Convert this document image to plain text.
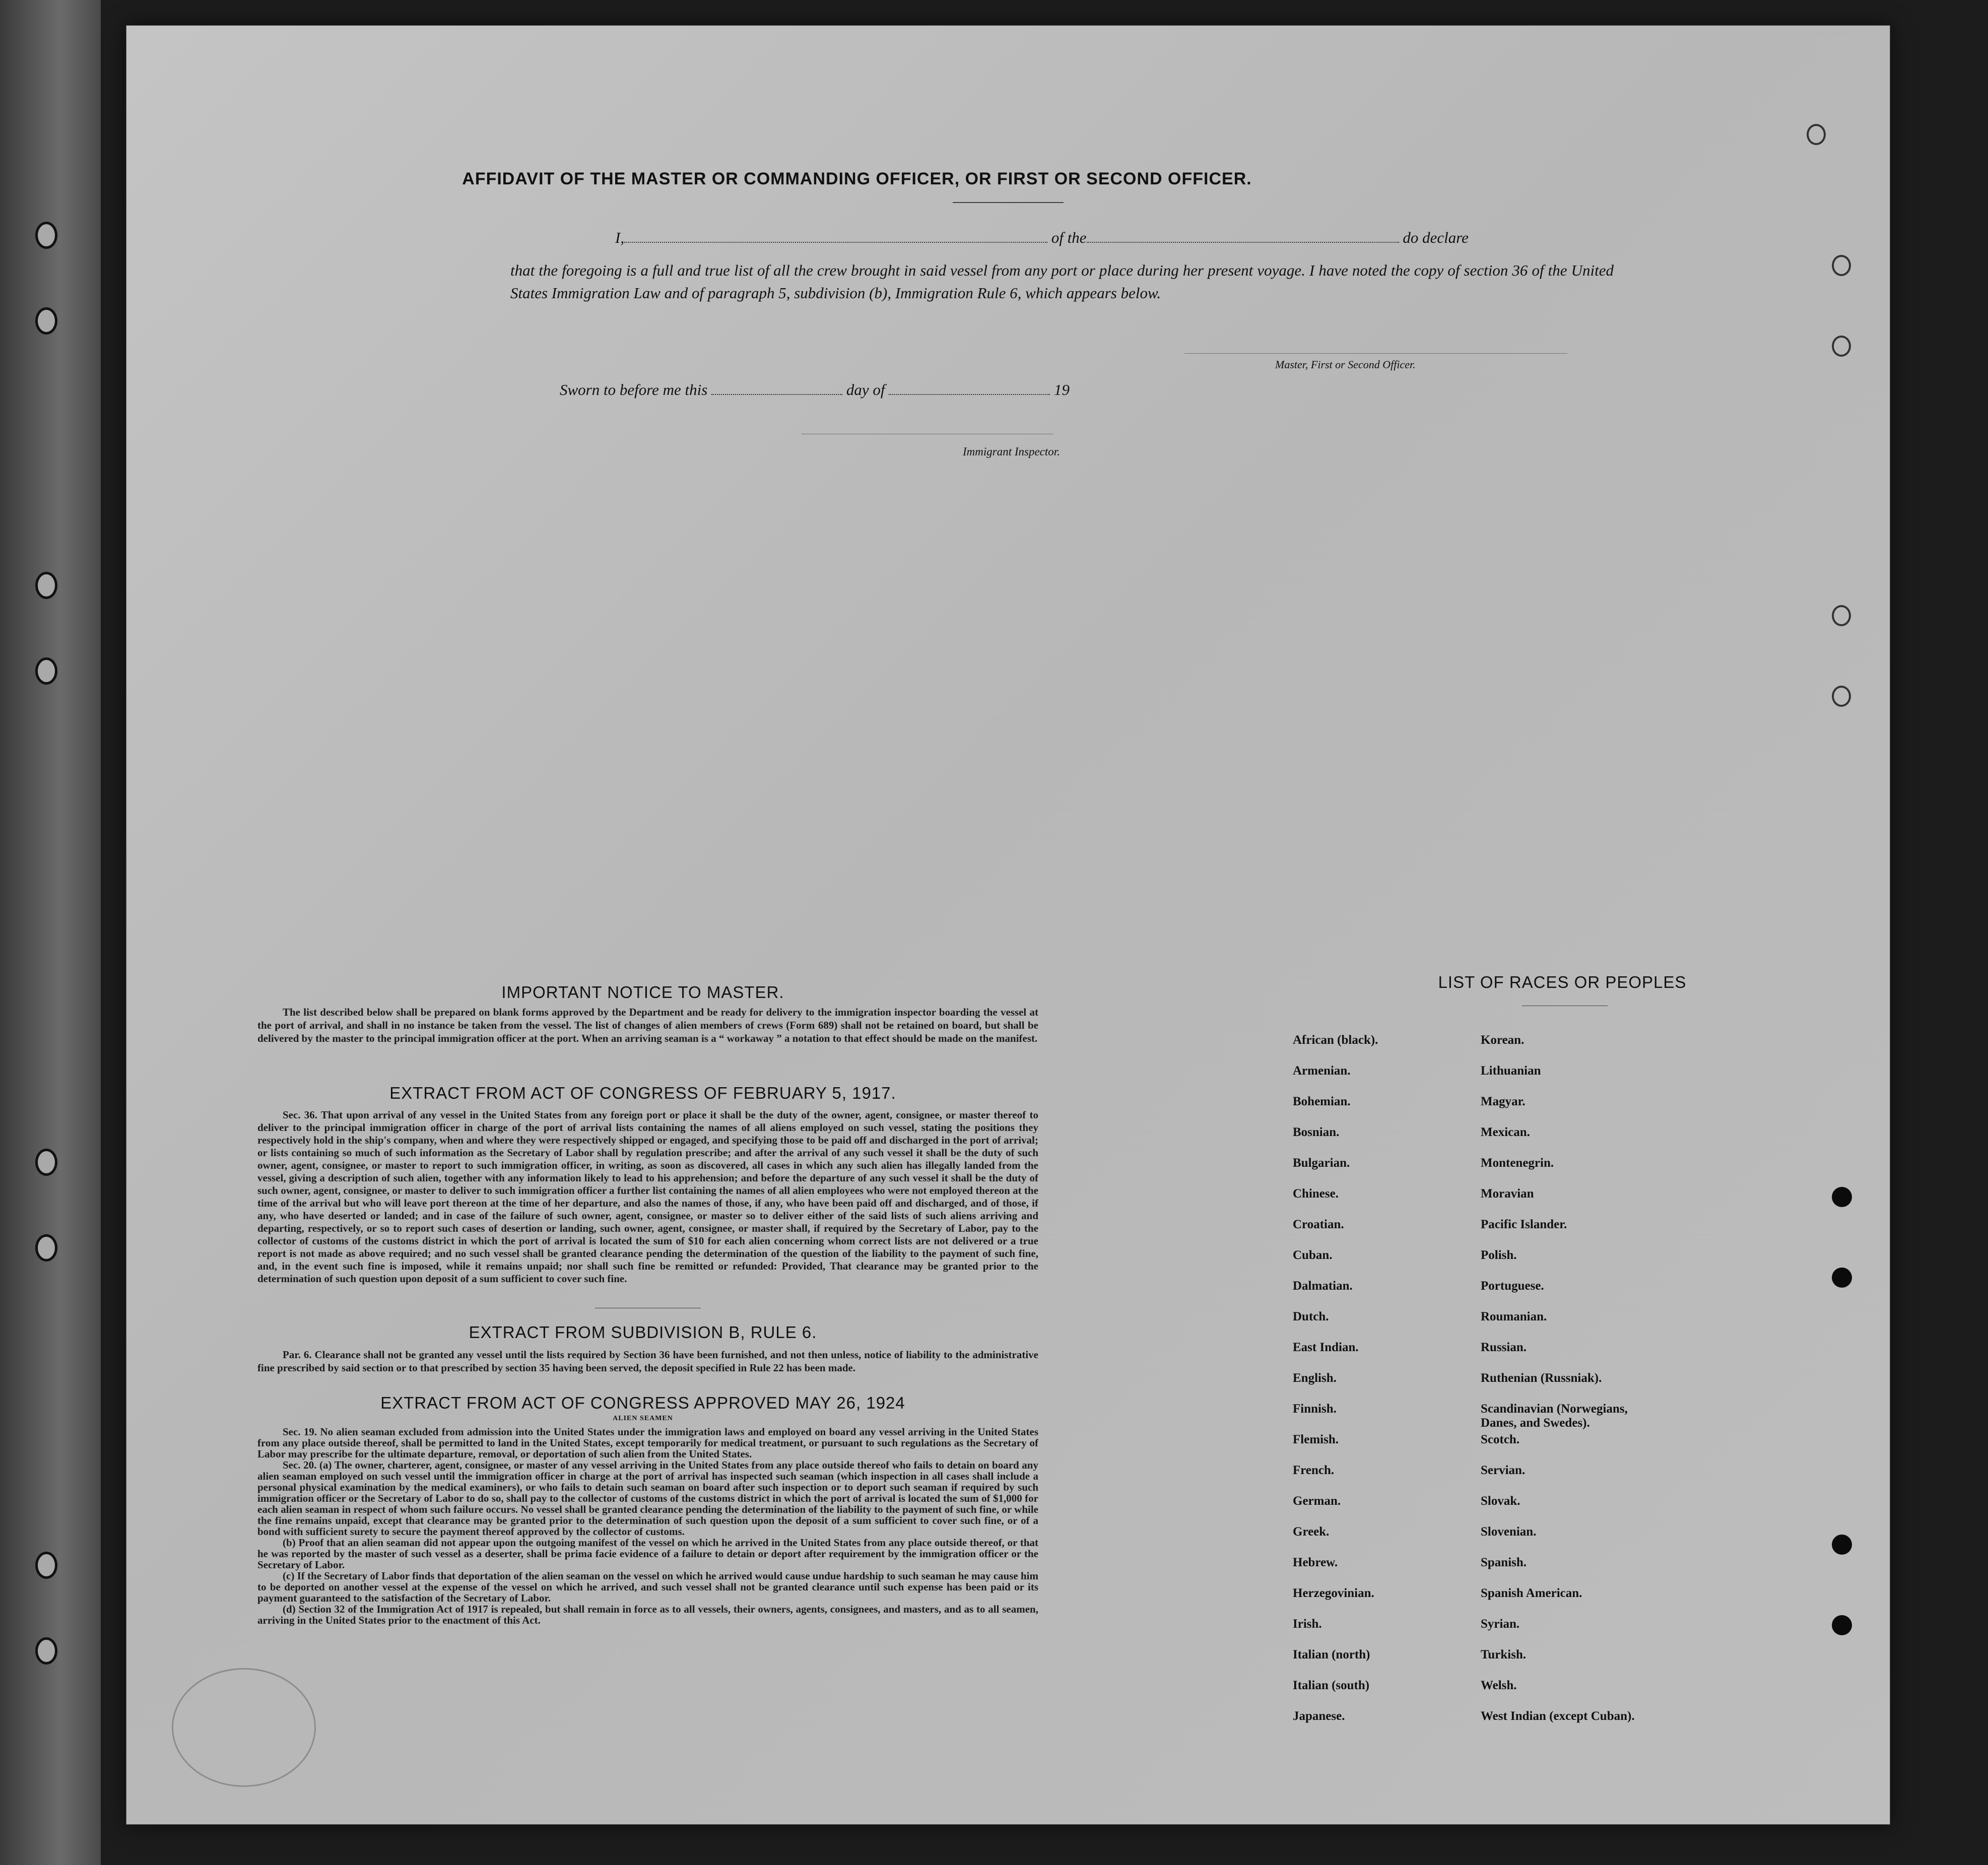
AFFIDAVIT OF THE MASTER OR COMMANDING OFFICER, OR FIRST OR SECOND OFFICER.
I,	of the	do declare
that the foregoing is a full and true list of all the crew brought in said vessel from any port or place during her present voyage. I have noted the copy of section 36 of the United States Immigration Law and of paragraph 5, subdivision (b), Immigration Rule 6, which appears below.
Master, First or Second Officer.
Sworn to before me this	day of	19
Immigrant Inspector.
IMPORTANT NOTICE TO MASTER.
The list described below shall be prepared on blank forms approved by the Department and be ready for delivery to the immigration inspector boarding the vessel at the port of arrival, and shall in no instance be taken from the vessel. The list of changes of alien members of crews (Form 689) shall not be retained on board, but shall be delivered by the master to the principal immigration officer at the port. When an arriving seaman is a “ workaway ” a notation to that effect should be made on the manifest.
EXTRACT FROM ACT OF CONGRESS OF FEBRUARY 5, 1917.
Sec. 36. That upon arrival of any vessel in the United States from any foreign port or place it shall be the duty of the owner, agent, consignee, or master thereof to deliver to the principal immigration officer in charge of the port of arrival lists containing the names of all aliens employed on such vessel, stating the positions they respectively hold in the ship's company, when and where they were respectively shipped or engaged, and specifying those to be paid off and discharged in the port of arrival; or lists containing so much of such information as the Secretary of Labor shall by regulation prescribe; and after the arrival of any such vessel it shall be the duty of such owner, agent, consignee, or master to report to such immigration officer, in writing, as soon as discovered, all cases in which any such alien has illegally landed from the vessel, giving a description of such alien, together with any information likely to lead to his apprehension; and before the departure of any such vessel it shall be the duty of such owner, agent, consignee, or master to deliver to such immigration officer a further list containing the names of all alien employees who were not employed thereon at the time of the arrival but who will leave port thereon at the time of her departure, and also the names of those, if any, who have been paid off and discharged, and of those, if any, who have deserted or landed; and in case of the failure of such owner, agent, consignee, or master so to deliver either of the said lists of such aliens arriving and departing, respectively, or so to report such cases of desertion or landing, such owner, agent, consignee, or master shall, if required by the Secretary of Labor, pay to the collector of customs of the customs district in which the port of arrival is located the sum of $10 for each alien concerning whom correct lists are not delivered or a true report is not made as above required; and no such vessel shall be granted clearance pending the determination of the question of the liability to the payment of such fine, and, in the event such fine is imposed, while it remains unpaid; nor shall such fine be remitted or refunded: Provided, That clearance may be granted prior to the determination of such question upon deposit of a sum sufficient to cover such fine.
EXTRACT FROM SUBDIVISION B, RULE 6.
Par. 6. Clearance shall not be granted any vessel until the lists required by Section 36 have been furnished, and not then unless, notice of liability to the administrative fine prescribed by said section or to that prescribed by section 35 having been served, the deposit specified in Rule 22 has been made.
EXTRACT FROM ACT OF CONGRESS APPROVED MAY 26, 1924
ALIEN SEAMEN
Sec. 19. No alien seaman excluded from admission into the United States under the immigration laws and employed on board any vessel arriving in the United States from any place outside thereof, shall be permitted to land in the United States, except temporarily for medical treatment, or pursuant to such regulations as the Secretary of Labor may prescribe for the ultimate departure, removal, or deportation of such alien from the United States.
Sec. 20. (a) The owner, charterer, agent, consignee, or master of any vessel arriving in the United States from any place outside thereof who fails to detain on board any alien seaman employed on such vessel until the immigration officer in charge at the port of arrival has inspected such seaman (which inspection in all cases shall include a personal physical examination by the medical examiners), or who fails to detain such seaman on board after such inspection or to deport such seaman if required by such immigration officer or the Secretary of Labor to do so, shall pay to the collector of customs of the customs district in which the port of arrival is located the sum of $1,000 for each alien seaman in respect of whom such failure occurs. No vessel shall be granted clearance pending the determination of the liability to the payment of such fine, or while the fine remains unpaid, except that clearance may be granted prior to the determination of such question upon the deposit of a sum sufficient to cover such fine, or of a bond with sufficient surety to secure the payment thereof approved by the collector of customs.
(b) Proof that an alien seaman did not appear upon the outgoing manifest of the vessel on which he arrived in the United States from any place outside thereof, or that he was reported by the master of such vessel as a deserter, shall be prima facie evidence of a failure to detain or deport after requirement by the immigration officer or the Secretary of Labor.
(c) If the Secretary of Labor finds that deportation of the alien seaman on the vessel on which he arrived would cause undue hardship to such seaman he may cause him to be deported on another vessel at the expense of the vessel on which he arrived, and such vessel shall not be granted clearance until such expense has been paid or its payment guaranteed to the satisfaction of the Secretary of Labor.
(d) Section 32 of the Immigration Act of 1917 is repealed, but shall remain in force as to all vessels, their owners, agents, consignees, and masters, and as to all seamen, arriving in the United States prior to the enactment of this Act.
LIST OF RACES OR PEOPLES
African (black).
Armenian.
Bohemian.
Bosnian.
Bulgarian.
Chinese.
Croatian.
Cuban.
Dalmatian.
Dutch.
East Indian.
English.
Finnish.
Flemish.
French.
German.
Greek.
Hebrew.
Herzegovinian.
Irish.
Italian (north)
Italian (south)
Japanese.
Korean.
Lithuanian
Magyar.
Mexican.
Montenegrin.
Moravian
Pacific Islander.
Polish.
Portuguese.
Roumanian.
Russian.
Ruthenian (Russniak).
Scandinavian (Norwegians, Danes, and Swedes).
Scotch.
Servian.
Slovak.
Slovenian.
Spanish.
Spanish American.
Syrian.
Turkish.
Welsh.
West Indian (except Cuban).
